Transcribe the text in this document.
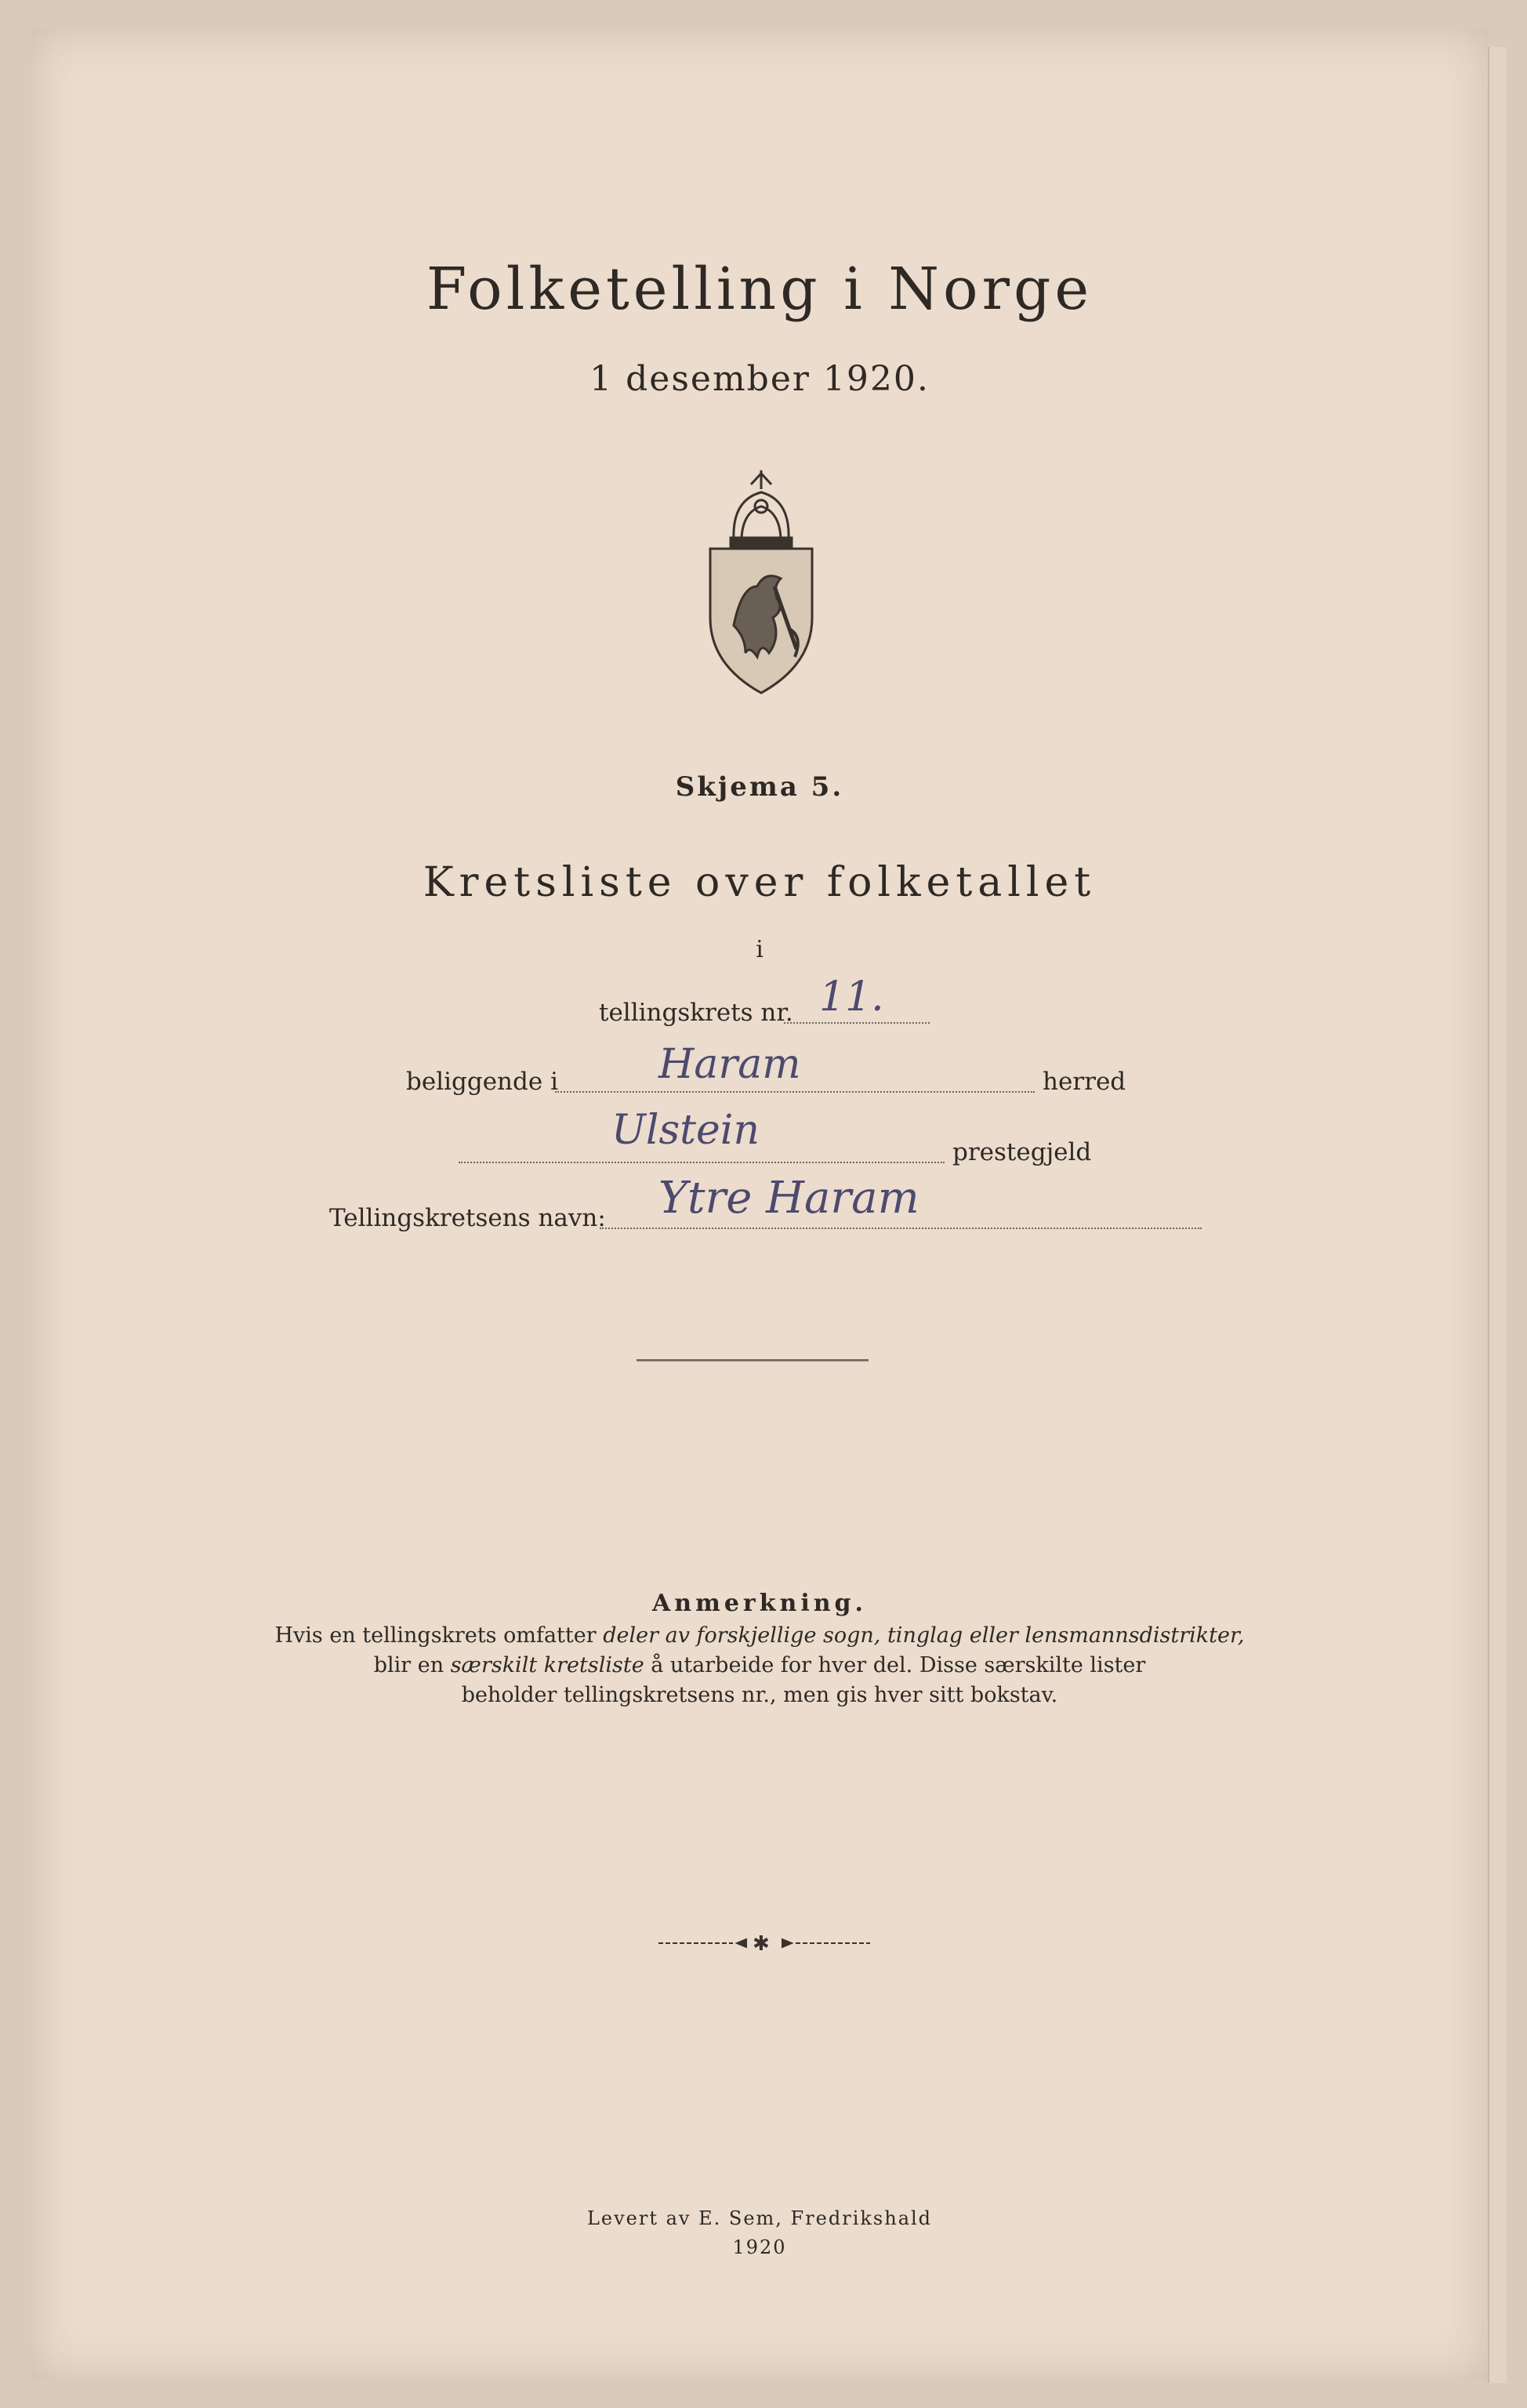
Folketelling i Norge
1 desember 1920.
Skjema 5.
Kretsliste over folketallet
i
tellingskrets nr. 11.
beliggende i Haram	herred
Ulstein	prestegjeld
Tellingskretsens navn: Ytre Haram
Anmerkning.
Hvis en tellingskrets omfatter deler av forskjellige sogn, tinglag eller lensmannsdistrikter,
blir en særskilt kretsliste å utarbeide for hver del. Disse særskilte lister
beholder tellingskretsens nr., men gis hver sitt bokstav.
✱
Levert av E. Sem, Fredrikshald
1920
